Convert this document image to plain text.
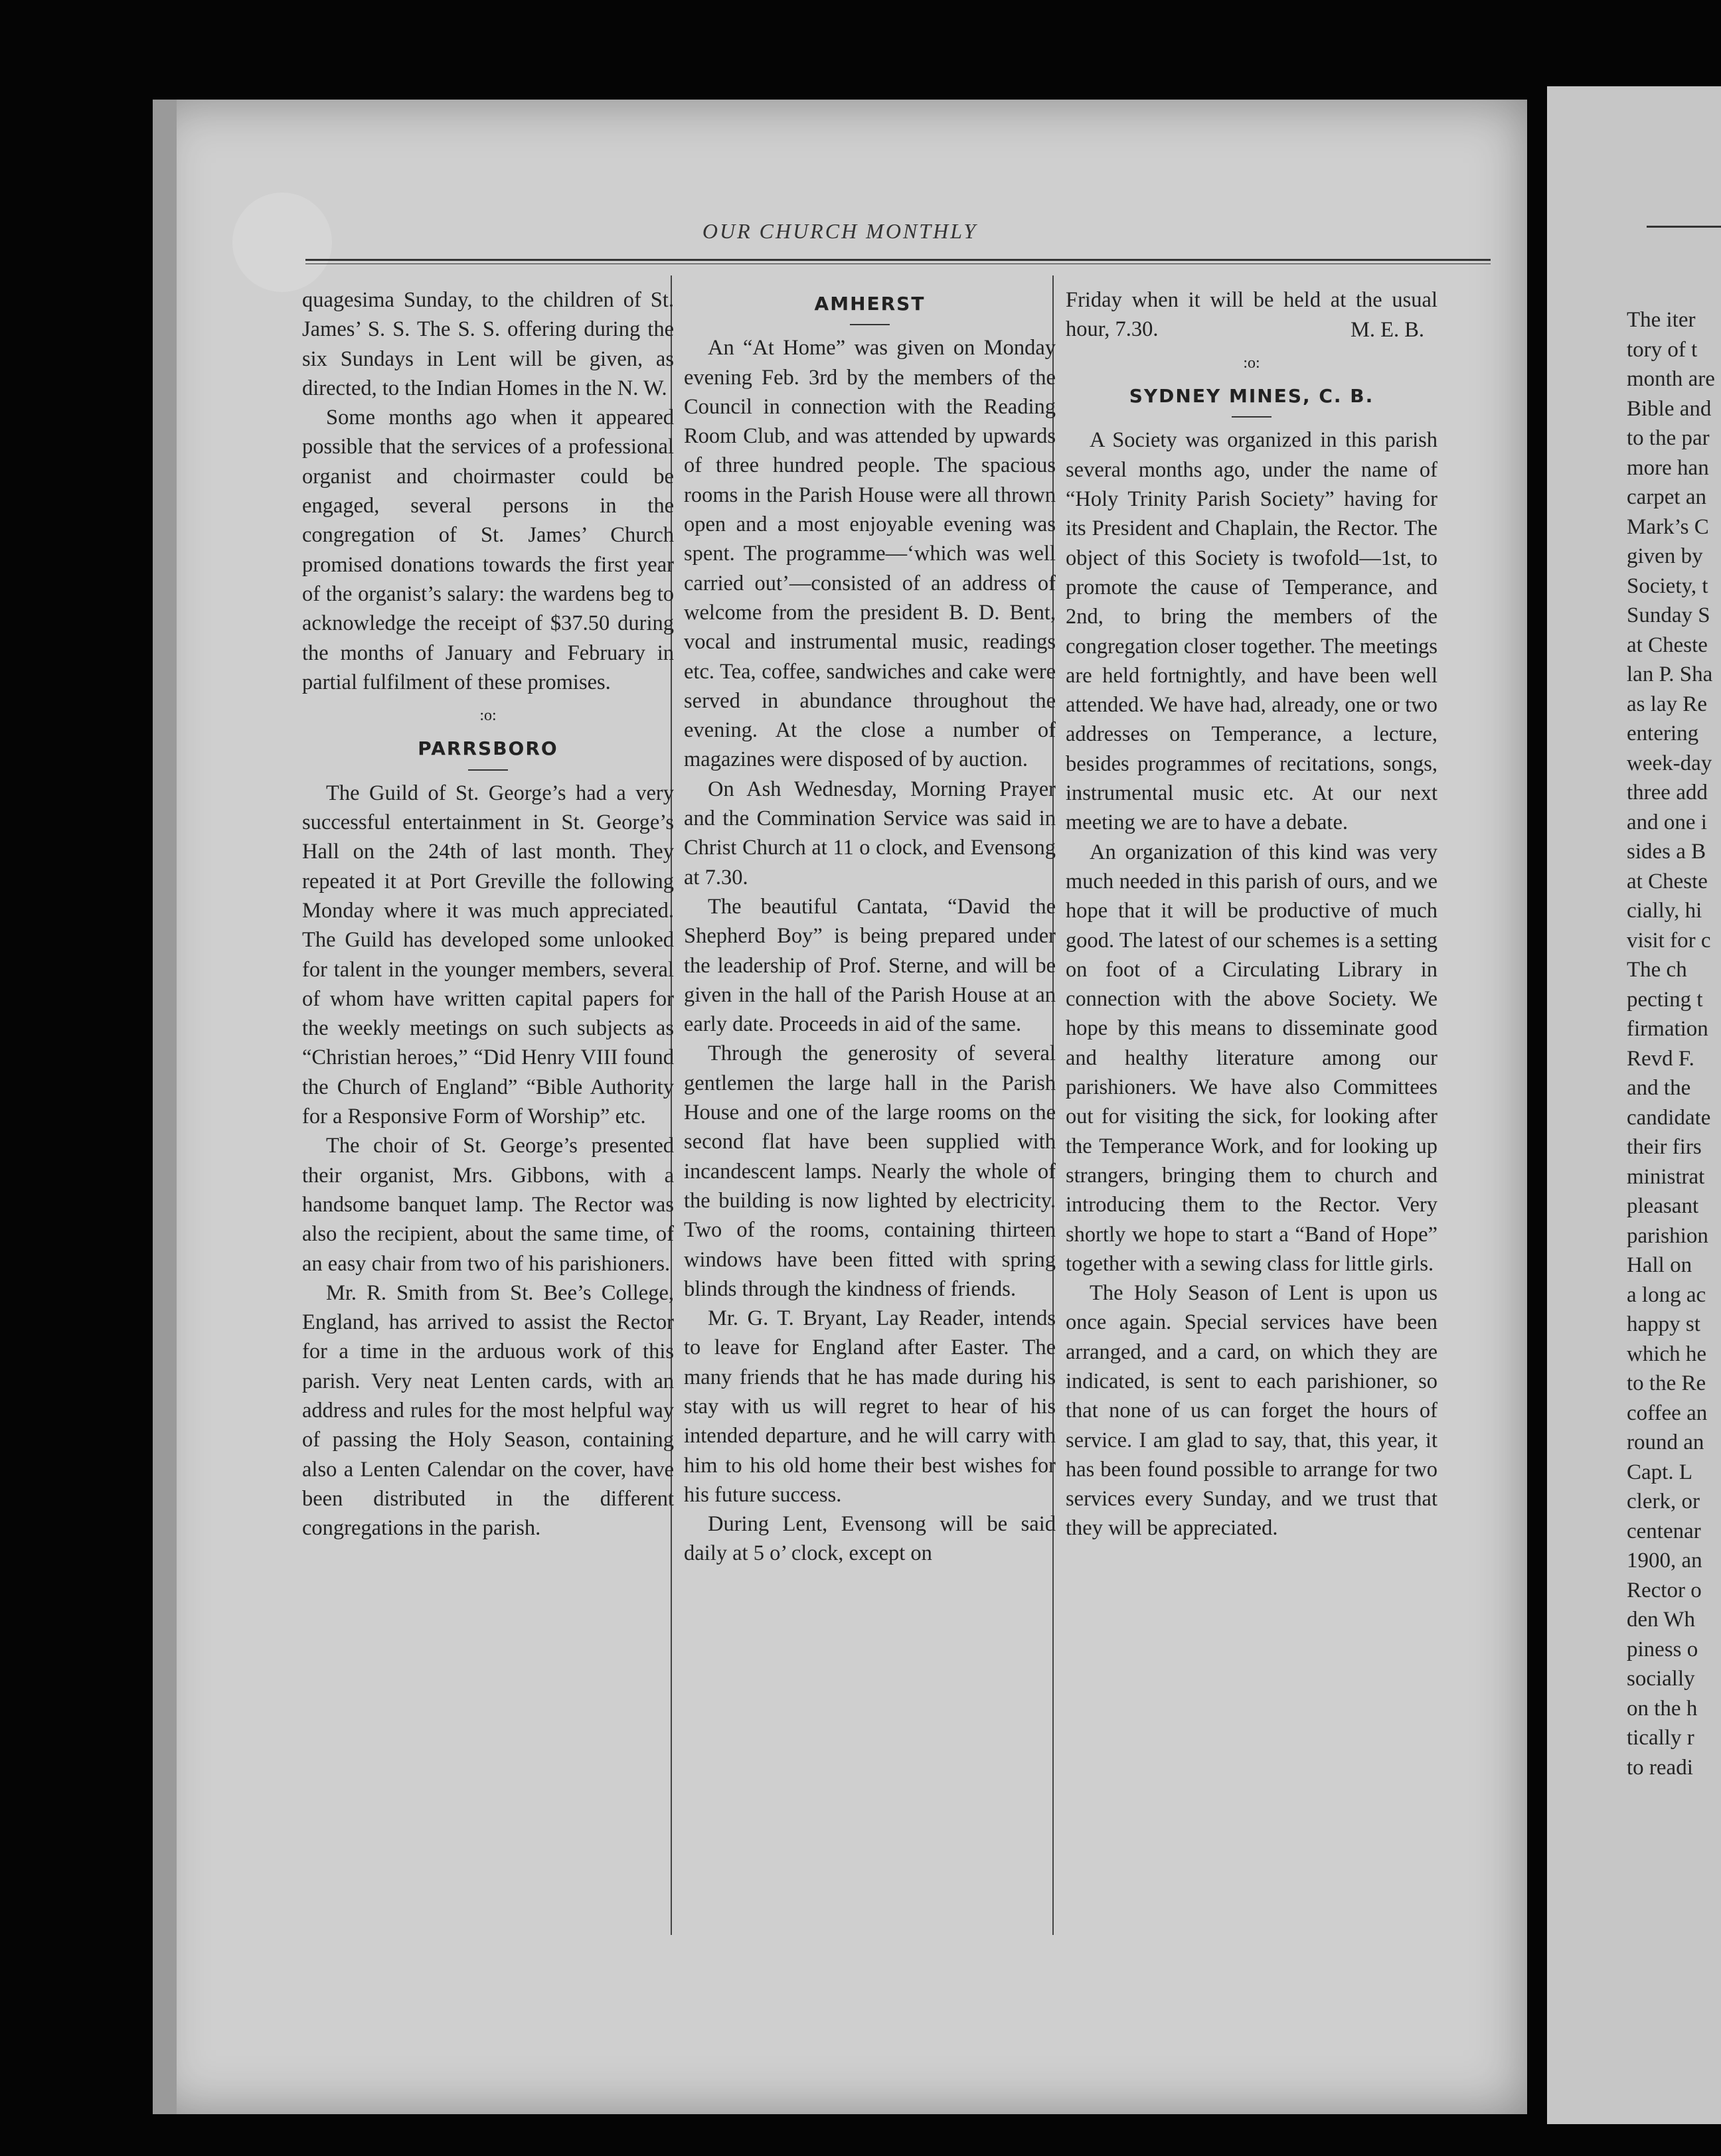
OUR CHURCH MONTHLY

quagesima Sunday, to the children of St. James’ S. S. The S. S. offering during the six Sundays in Lent will be given, as directed, to the Indian Homes in the N. W.

Some months ago when it appeared possible that the services of a professional organist and choirmaster could be engaged, several persons in the congregation of St. James’ Church promised donations towards the first year of the organist’s salary: the wardens beg to acknowledge the receipt of $37.50 during the months of January and February in partial fulfilment of these promises.

:o:
PARRSBORO

The Guild of St. George’s had a very successful entertainment in St. George’s Hall on the 24th of last month. They repeated it at Port Greville the following Monday where it was much appreciated. The Guild has developed some unlooked for talent in the younger members, several of whom have written capital papers for the weekly meetings on such subjects as “Christian heroes,” “Did Henry VIII found the Church of England” “Bible Authority for a Responsive Form of Worship” etc.

The choir of St. George’s presented their organist, Mrs. Gibbons, with a handsome banquet lamp. The Rector was also the recipient, about the same time, of an easy chair from two of his parishioners.

Mr. R. Smith from St. Bee’s College, England, has arrived to assist the Rector for a time in the arduous work of this parish. Very neat Lenten cards, with an address and rules for the most helpful way of passing the Holy Season, containing also a Lenten Calendar on the cover, have been distributed in the different congregations in the parish.

AMHERST

An “At Home” was given on Monday evening Feb. 3rd by the members of the Council in connection with the Reading Room Club, and was attended by upwards of three hundred people. The spacious rooms in the Parish House were all thrown open and a most enjoyable evening was spent. The programme—‘which was well carried out’—consisted of an address of welcome from the president B. D. Bent, vocal and instrumental music, readings etc. Tea, coffee, sandwiches and cake were served in abundance throughout the evening. At the close a number of magazines were disposed of by auction.

On Ash Wednesday, Morning Prayer and the Commination Service was said in Christ Church at 11 o clock, and Evensong at 7.30.

The beautiful Cantata, “David the Shepherd Boy” is being prepared under the leadership of Prof. Sterne, and will be given in the hall of the Parish House at an early date. Proceeds in aid of the same.

Through the generosity of several gentlemen the large hall in the Parish House and one of the large rooms on the second flat have been supplied with incandescent lamps. Nearly the whole of the building is now lighted by electricity. Two of the rooms, containing thirteen windows have been fitted with spring blinds through the kindness of friends.

Mr. G. T. Bryant, Lay Reader, intends to leave for England after Easter. The many friends that he has made during his stay with us will regret to hear of his intended departure, and he will carry with him to his old home their best wishes for his future success.

During Lent, Evensong will be said daily at 5 o’ clock, except on

Friday when it will be held at the usual hour, 7.30.	M. E. B.

:o:
SYDNEY MINES, C. B.

A Society was organized in this parish several months ago, under the name of “Holy Trinity Parish Society” having for its President and Chaplain, the Rector. The object of this Society is twofold—1st, to promote the cause of Temperance, and 2nd, to bring the members of the congregation closer together. The meetings are held fortnightly, and have been well attended. We have had, already, one or two addresses on Temperance, a lecture, besides programmes of recitations, songs, instrumental music etc. At our next meeting we are to have a debate.

An organization of this kind was very much needed in this parish of ours, and we hope that it will be productive of much good. The latest of our schemes is a setting on foot of a Circulating Library in connection with the above Society. We hope by this means to disseminate good and healthy literature among our parishioners. We have also Committees out for visiting the sick, for looking after the Temperance Work, and for looking up strangers, bringing them to church and introducing them to the Rector. Very shortly we hope to start a “Band of Hope” together with a sewing class for little girls.

The Holy Season of Lent is upon us once again. Special services have been arranged, and a card, on which they are indicated, is sent to each parishioner, so that none of us can forget the hours of service. I am glad to say, that, this year, it has been found possible to arrange for two services every Sunday, and we trust that they will be appreciated.

The iter
tory of t
month are
Bible and
to the par
more han
carpet an
Mark’s C
given by
Society, t
Sunday S
at Cheste
lan P. Sha
as lay Re
entering
week-day
three add
and one i
sides a B
at Cheste
cially, hi
visit for c
The ch
pecting t
firmation
Revd F.
and the
candidate
their firs
ministrat
pleasant
parishion
Hall on
a long ac
happy st
which he
to the Re
coffee an
round an
Capt. L
clerk, or
centenar
1900, an
Rector o
den Wh
piness o
socially
on the h
tically r
to readi
